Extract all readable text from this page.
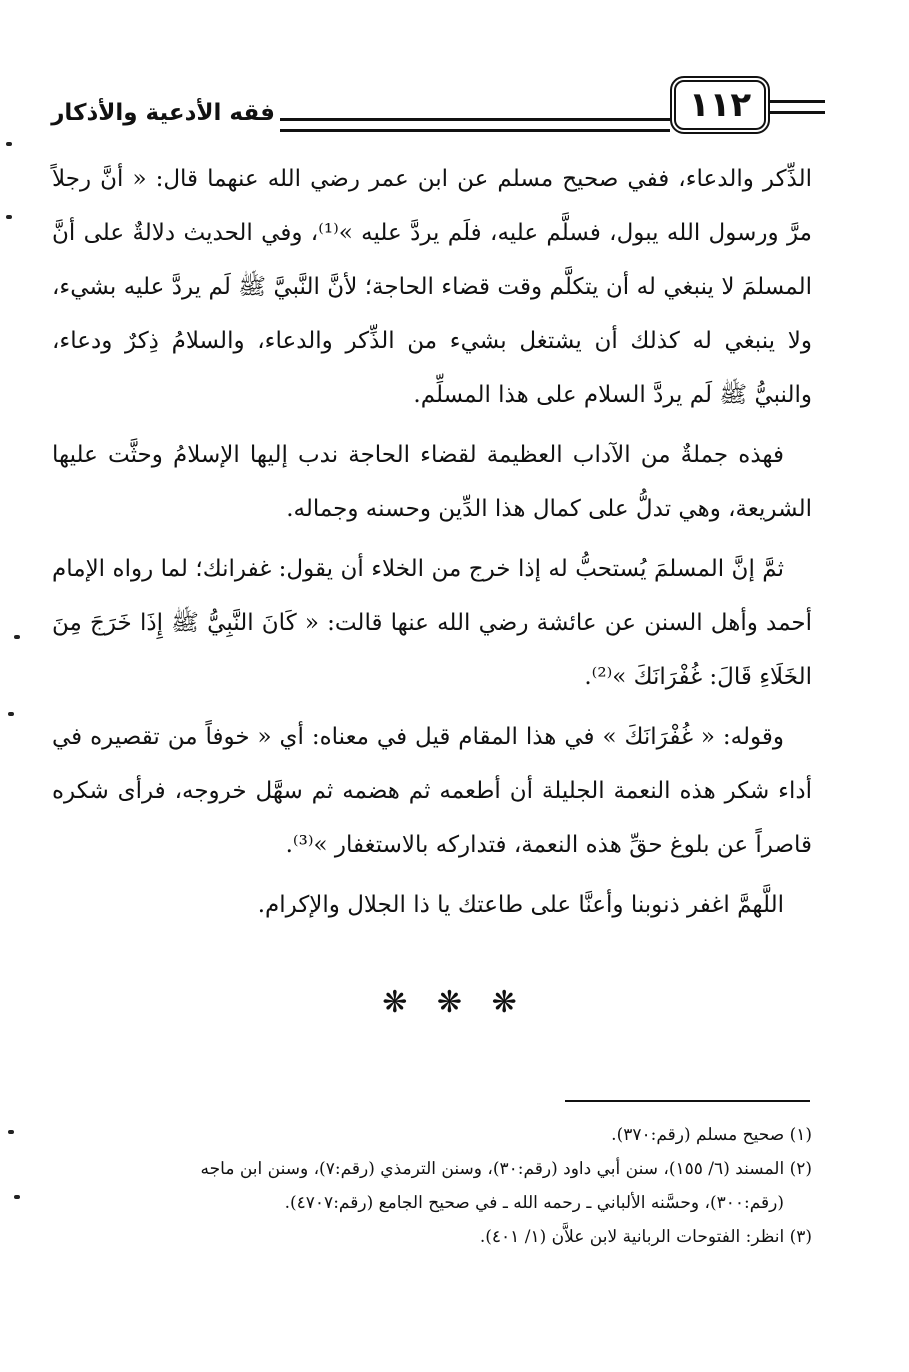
فقه الأدعية والأذكار	١١٢

الذِّكر والدعاء، ففي صحيح مسلم عن ابن عمر رضي الله عنهما قال: « أنَّ رجلاً مرَّ ورسول الله يبول، فسلَّم عليه، فلَم يردَّ عليه »⁽¹⁾، وفي الحديث دلالةٌ على أنَّ المسلمَ لا ينبغي له أن يتكلَّم وقت قضاء الحاجة؛ لأنَّ النَّبيَّ ﷺ لَم يردَّ عليه بشيء، ولا ينبغي له كذلك أن يشتغل بشيء من الذِّكر والدعاء، والسلامُ ذِكرٌ ودعاء، والنبيُّ ﷺ لَم يردَّ السلام على هذا المسلِّم.

فهذه جملةٌ من الآداب العظيمة لقضاء الحاجة ندب إليها الإسلامُ وحثَّت عليها الشريعة، وهي تدلُّ على كمال هذا الدِّين وحسنه وجماله.

ثمَّ إنَّ المسلمَ يُستحبُّ له إذا خرج من الخلاء أن يقول: غفرانك؛ لما رواه الإمام أحمد وأهل السنن عن عائشة رضي الله عنها قالت: « كَانَ النَّبِيُّ ﷺ إِذَا خَرَجَ مِنَ الخَلَاءِ قَالَ: غُفْرَانَكَ »⁽²⁾.

وقوله: « غُفْرَانَكَ » في هذا المقام قيل في معناه: أي « خوفاً من تقصيره في أداء شكر هذه النعمة الجليلة أن أطعمه ثم هضمه ثم سهَّل خروجه، فرأى شكره قاصراً عن بلوغ حقِّ هذه النعمة، فتداركه بالاستغفار »⁽³⁾.

اللَّهمَّ اغفر ذنوبنا وأعنَّا على طاعتك يا ذا الجلال والإكرام.

❋ ❋ ❋

(١) صحيح مسلم (رقم:٣٧٠).

(٢) المسند (٦/ ١٥٥)، سنن أبي داود (رقم:٣٠)، وسنن الترمذي (رقم:٧)، وسنن ابن ماجه

(رقم:٣٠٠)، وحسَّنه الألباني ـ رحمه الله ـ في صحيح الجامع (رقم:٤٧٠٧).

(٣) انظر: الفتوحات الربانية لابن علاَّن (١/ ٤٠١).
